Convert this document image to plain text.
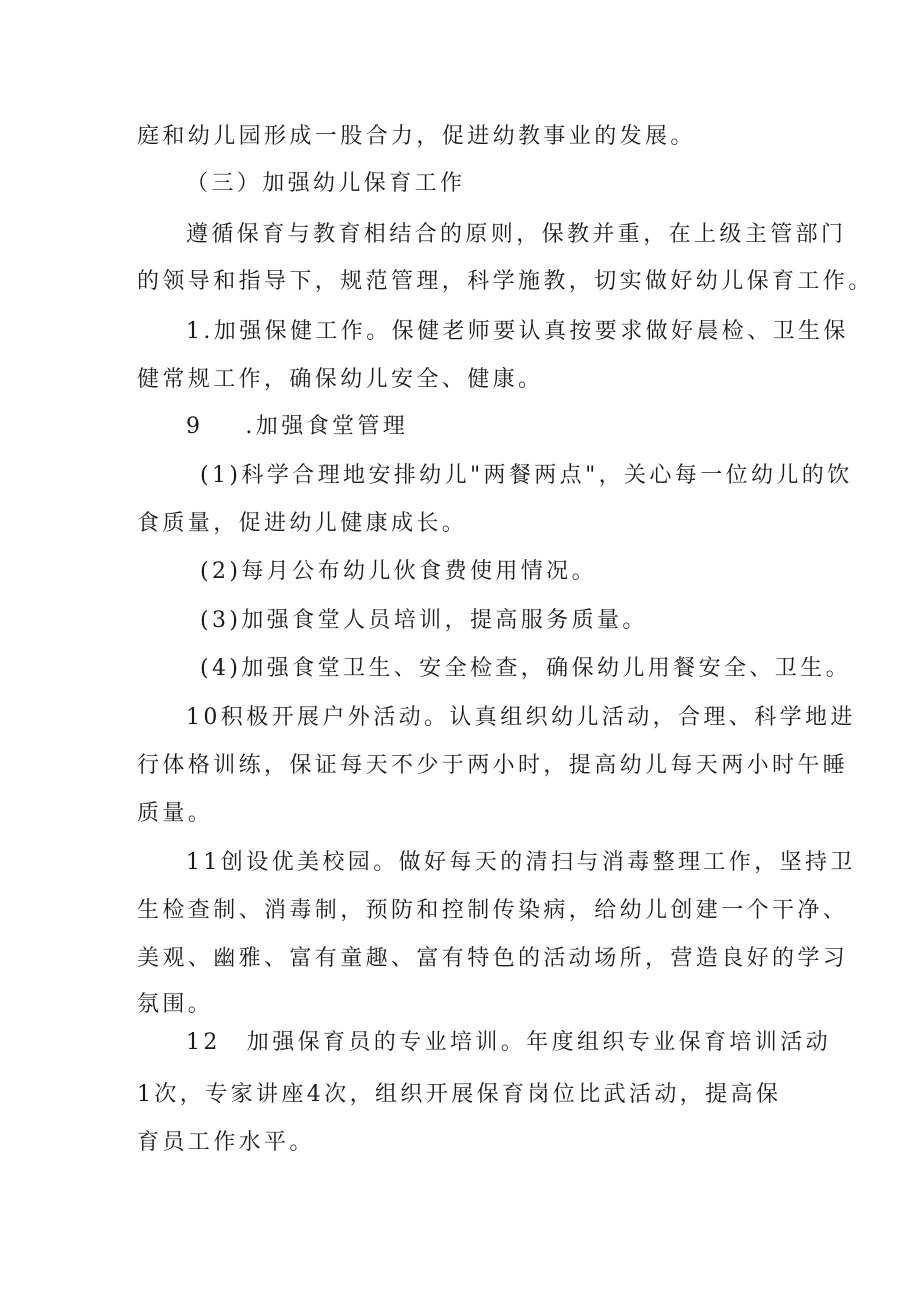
庭和幼儿园形成一股合力，促进幼教事业的发展。
（三）加强幼儿保育工作
遵循保育与教育相结合的原则，保教并重，在上级主管部门
的领导和指导下，规范管理，科学施教，切实做好幼儿保育工作。
1.加强保健工作。保健老师要认真按要求做好晨检、卫生保
健常规工作，确保幼儿安全、健康。
9 .加强食堂管理
(1)科学合理地安排幼儿"两餐两点"，关心每一位幼儿的饮
食质量，促进幼儿健康成长。
(2)每月公布幼儿伙食费使用情况。
(3)加强食堂人员培训，提高服务质量。
(4)加强食堂卫生、安全检查，确保幼儿用餐安全、卫生。
10积极开展户外活动。认真组织幼儿活动，合理、科学地进
行体格训练，保证每天不少于两小时，提高幼儿每天两小时午睡
质量。
11创设优美校园。做好每天的清扫与消毒整理工作，坚持卫
生检查制、消毒制，预防和控制传染病，给幼儿创建一个干净、
美观、幽雅、富有童趣、富有特色的活动场所，营造良好的学习
氛围。
12 加强保育员的专业培训。年度组织专业保育培训活动
1次，专家讲座4次，组织开展保育岗位比武活动，提高保
育员工作水平。
